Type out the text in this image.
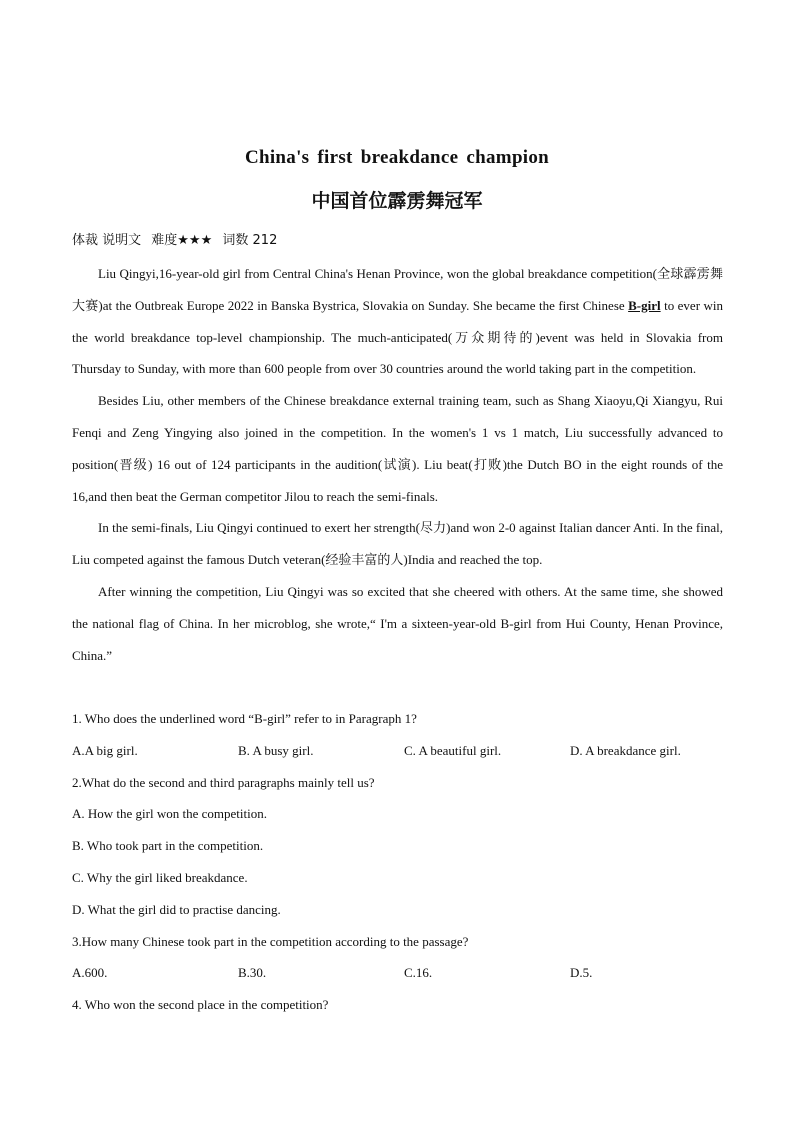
China's first breakdance champion
中国首位霹雳舞冠军
体裁 说明文 难度★★★ 词数 212

Liu Qingyi,16-year-old girl from Central China's Henan Province, won the global breakdance competition(全球霹雳舞大赛)at the Outbreak Europe 2022 in Banska Bystrica, Slovakia on Sunday. She became the first Chinese B-girl to ever win the world breakdance top-level championship. The much-anticipated(万众期待的)event was held in Slovakia from Thursday to Sunday, with more than 600 people from over 30 countries around the world taking part in the competition.

Besides Liu, other members of the Chinese breakdance external training team, such as Shang Xiaoyu,Qi Xiangyu, Rui Fenqi and Zeng Yingying also joined in the competition. In the women's 1 vs 1 match, Liu successfully advanced to position(晋级) 16 out of 124 participants in the audition(试演). Liu beat(打败)the Dutch BO in the eight rounds of the 16,and then beat the German competitor Jilou to reach the semi-finals.

In the semi-finals, Liu Qingyi continued to exert her strength(尽力)and won 2-0 against Italian dancer Anti. In the final, Liu competed against the famous Dutch veteran(经验丰富的人)India and reached the top.

After winning the competition, Liu Qingyi was so excited that she cheered with others. At the same time, she showed the national flag of China. In her microblog, she wrote,“ I'm a sixteen-year-old B-girl from Hui County, Henan Province, China.”

1. Who does the underlined word “B-girl” refer to in Paragraph 1?
A.A big girl.	B. A busy girl.	C. A beautiful girl.	D. A breakdance girl.
2.What do the second and third paragraphs mainly tell us?
A. How the girl won the competition.
B. Who took part in the competition.
C. Why the girl liked breakdance.
D. What the girl did to practise dancing.
3.How many Chinese took part in the competition according to the passage?
A.600.	B.30.	C.16.	D.5.
4. Who won the second place in the competition?
